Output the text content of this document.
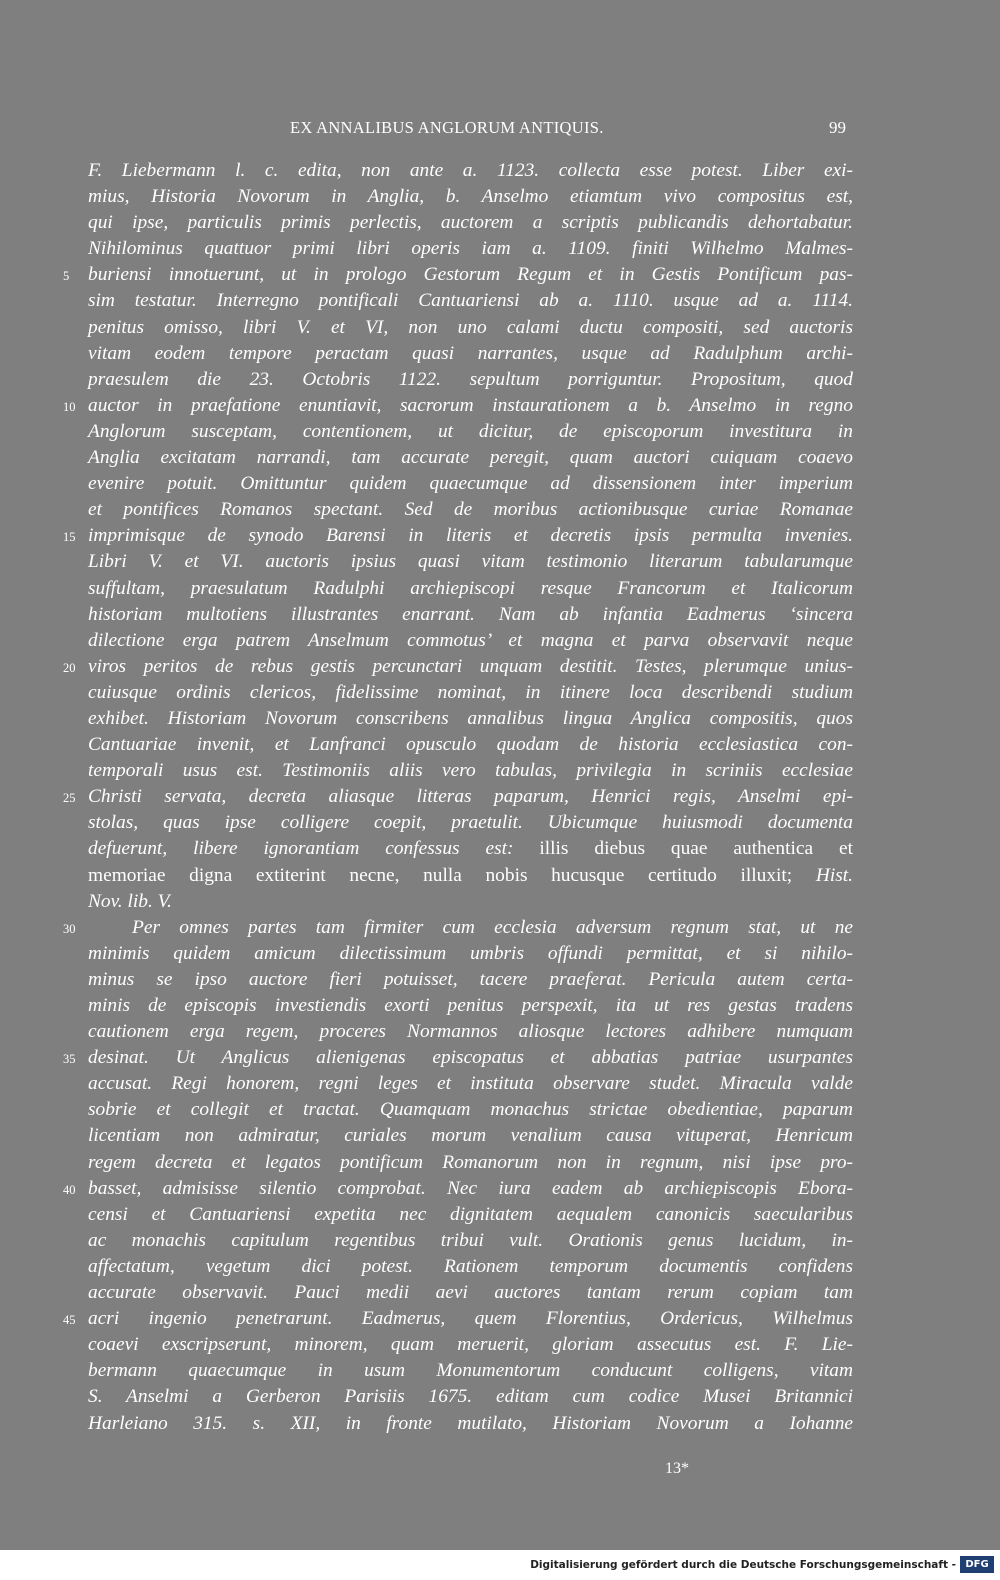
EX ANNALIBUS ANGLORUM ANTIQUIS.	99
F. Liebermann l. c. edita, non ante a. 1123. collecta esse potest. Liber exi-
mius, Historia Novorum in Anglia, b. Anselmo etiamtum vivo compositus est,
qui ipse, particulis primis perlectis, auctorem a scriptis publicandis dehortabatur.
Nihilominus quattuor primi libri operis iam a. 1109. finiti Wilhelmo Malmes-
5 buriensi innotuerunt, ut in prologo Gestorum Regum et in Gestis Pontificum pas-
sim testatur. Interregno pontificali Cantuariensi ab a. 1110. usque ad a. 1114.
penitus omisso, libri V. et VI, non uno calami ductu compositi, sed auctoris
vitam eodem tempore peractam quasi narrantes, usque ad Radulphum archi-
praesulem die 23. Octobris 1122. sepultum porriguntur. Propositum, quod
10 auctor in praefatione enuntiavit, sacrorum instaurationem a b. Anselmo in regno
Anglorum susceptam, contentionem, ut dicitur, de episcoporum investitura in
Anglia excitatam narrandi, tam accurate peregit, quam auctori cuiquam coaevo
evenire potuit. Omittuntur quidem quaecumque ad dissensionem inter imperium
et pontifices Romanos spectant. Sed de moribus actionibusque curiae Romanae
15 imprimisque de synodo Barensi in literis et decretis ipsis permulta invenies.
Libri V. et VI. auctoris ipsius quasi vitam testimonio literarum tabularumque
suffultam, praesulatum Radulphi archiepiscopi resque Francorum et Italicorum
historiam multotiens illustrantes enarrant. Nam ab infantia Eadmerus ‘sincera
dilectione erga patrem Anselmum commotus’ et magna et parva observavit neque
20 viros peritos de rebus gestis percunctari unquam destitit. Testes, plerumque unius-
cuiusque ordinis clericos, fidelissime nominat, in itinere loca describendi studium
exhibet. Historiam Novorum conscribens annalibus lingua Anglica compositis, quos
Cantuariae invenit, et Lanfranci opusculo quodam de historia ecclesiastica con-
temporali usus est. Testimoniis aliis vero tabulas, privilegia in scriniis ecclesiae
25 Christi servata, decreta aliasque litteras paparum, Henrici regis, Anselmi epi-
stolas, quas ipse colligere coepit, praetulit. Ubicumque huiusmodi documenta
defuerunt, libere ignorantiam confessus est: illis diebus quae authentica et
memoriae digna extiterint necne, nulla nobis hucusque certitudo illuxit; Hist.
Nov. lib. V.
30	Per omnes partes tam firmiter cum ecclesia adversum regnum stat, ut ne
minimis quidem amicum dilectissimum umbris offundi permittat, et si nihilo-
minus se ipso auctore fieri potuisset, tacere praeferat. Pericula autem certa-
minis de episcopis investiendis exorti penitus perspexit, ita ut res gestas tradens
cautionem erga regem, proceres Normannos aliosque lectores adhibere numquam
35 desinat. Ut Anglicus alienigenas episcopatus et abbatias patriae usurpantes
accusat. Regi honorem, regni leges et instituta observare studet. Miracula valde
sobrie et collegit et tractat. Quamquam monachus strictae obedientiae, paparum
licentiam non admiratur, curiales morum venalium causa vituperat, Henricum
regem decreta et legatos pontificum Romanorum non in regnum, nisi ipse pro-
40 basset, admisisse silentio comprobat. Nec iura eadem ab archiepiscopis Ebora-
censi et Cantuariensi expetita nec dignitatem aequalem canonicis saecularibus
ac monachis capitulum regentibus tribui vult. Orationis genus lucidum, in-
affectatum, vegetum dici potest. Rationem temporum documentis confidens
accurate observavit. Pauci medii aevi auctores tantam rerum copiam tam
45 acri ingenio penetrarunt. Eadmerus, quem Florentius, Ordericus, Wilhelmus
coaevi exscripserunt, minorem, quam meruerit, gloriam assecutus est. F. Lie-
bermann quaecumque in usum Monumentorum conducunt colligens, vitam
S. Anselmi a Gerberon Parisiis 1675. editam cum codice Musei Britannici
Harleiano 315. s. XII, in fronte mutilato, Historiam Novorum a Iohanne
13*
Digitalisierung gefördert durch die Deutsche Forschungsgemeinschaft - DFG
